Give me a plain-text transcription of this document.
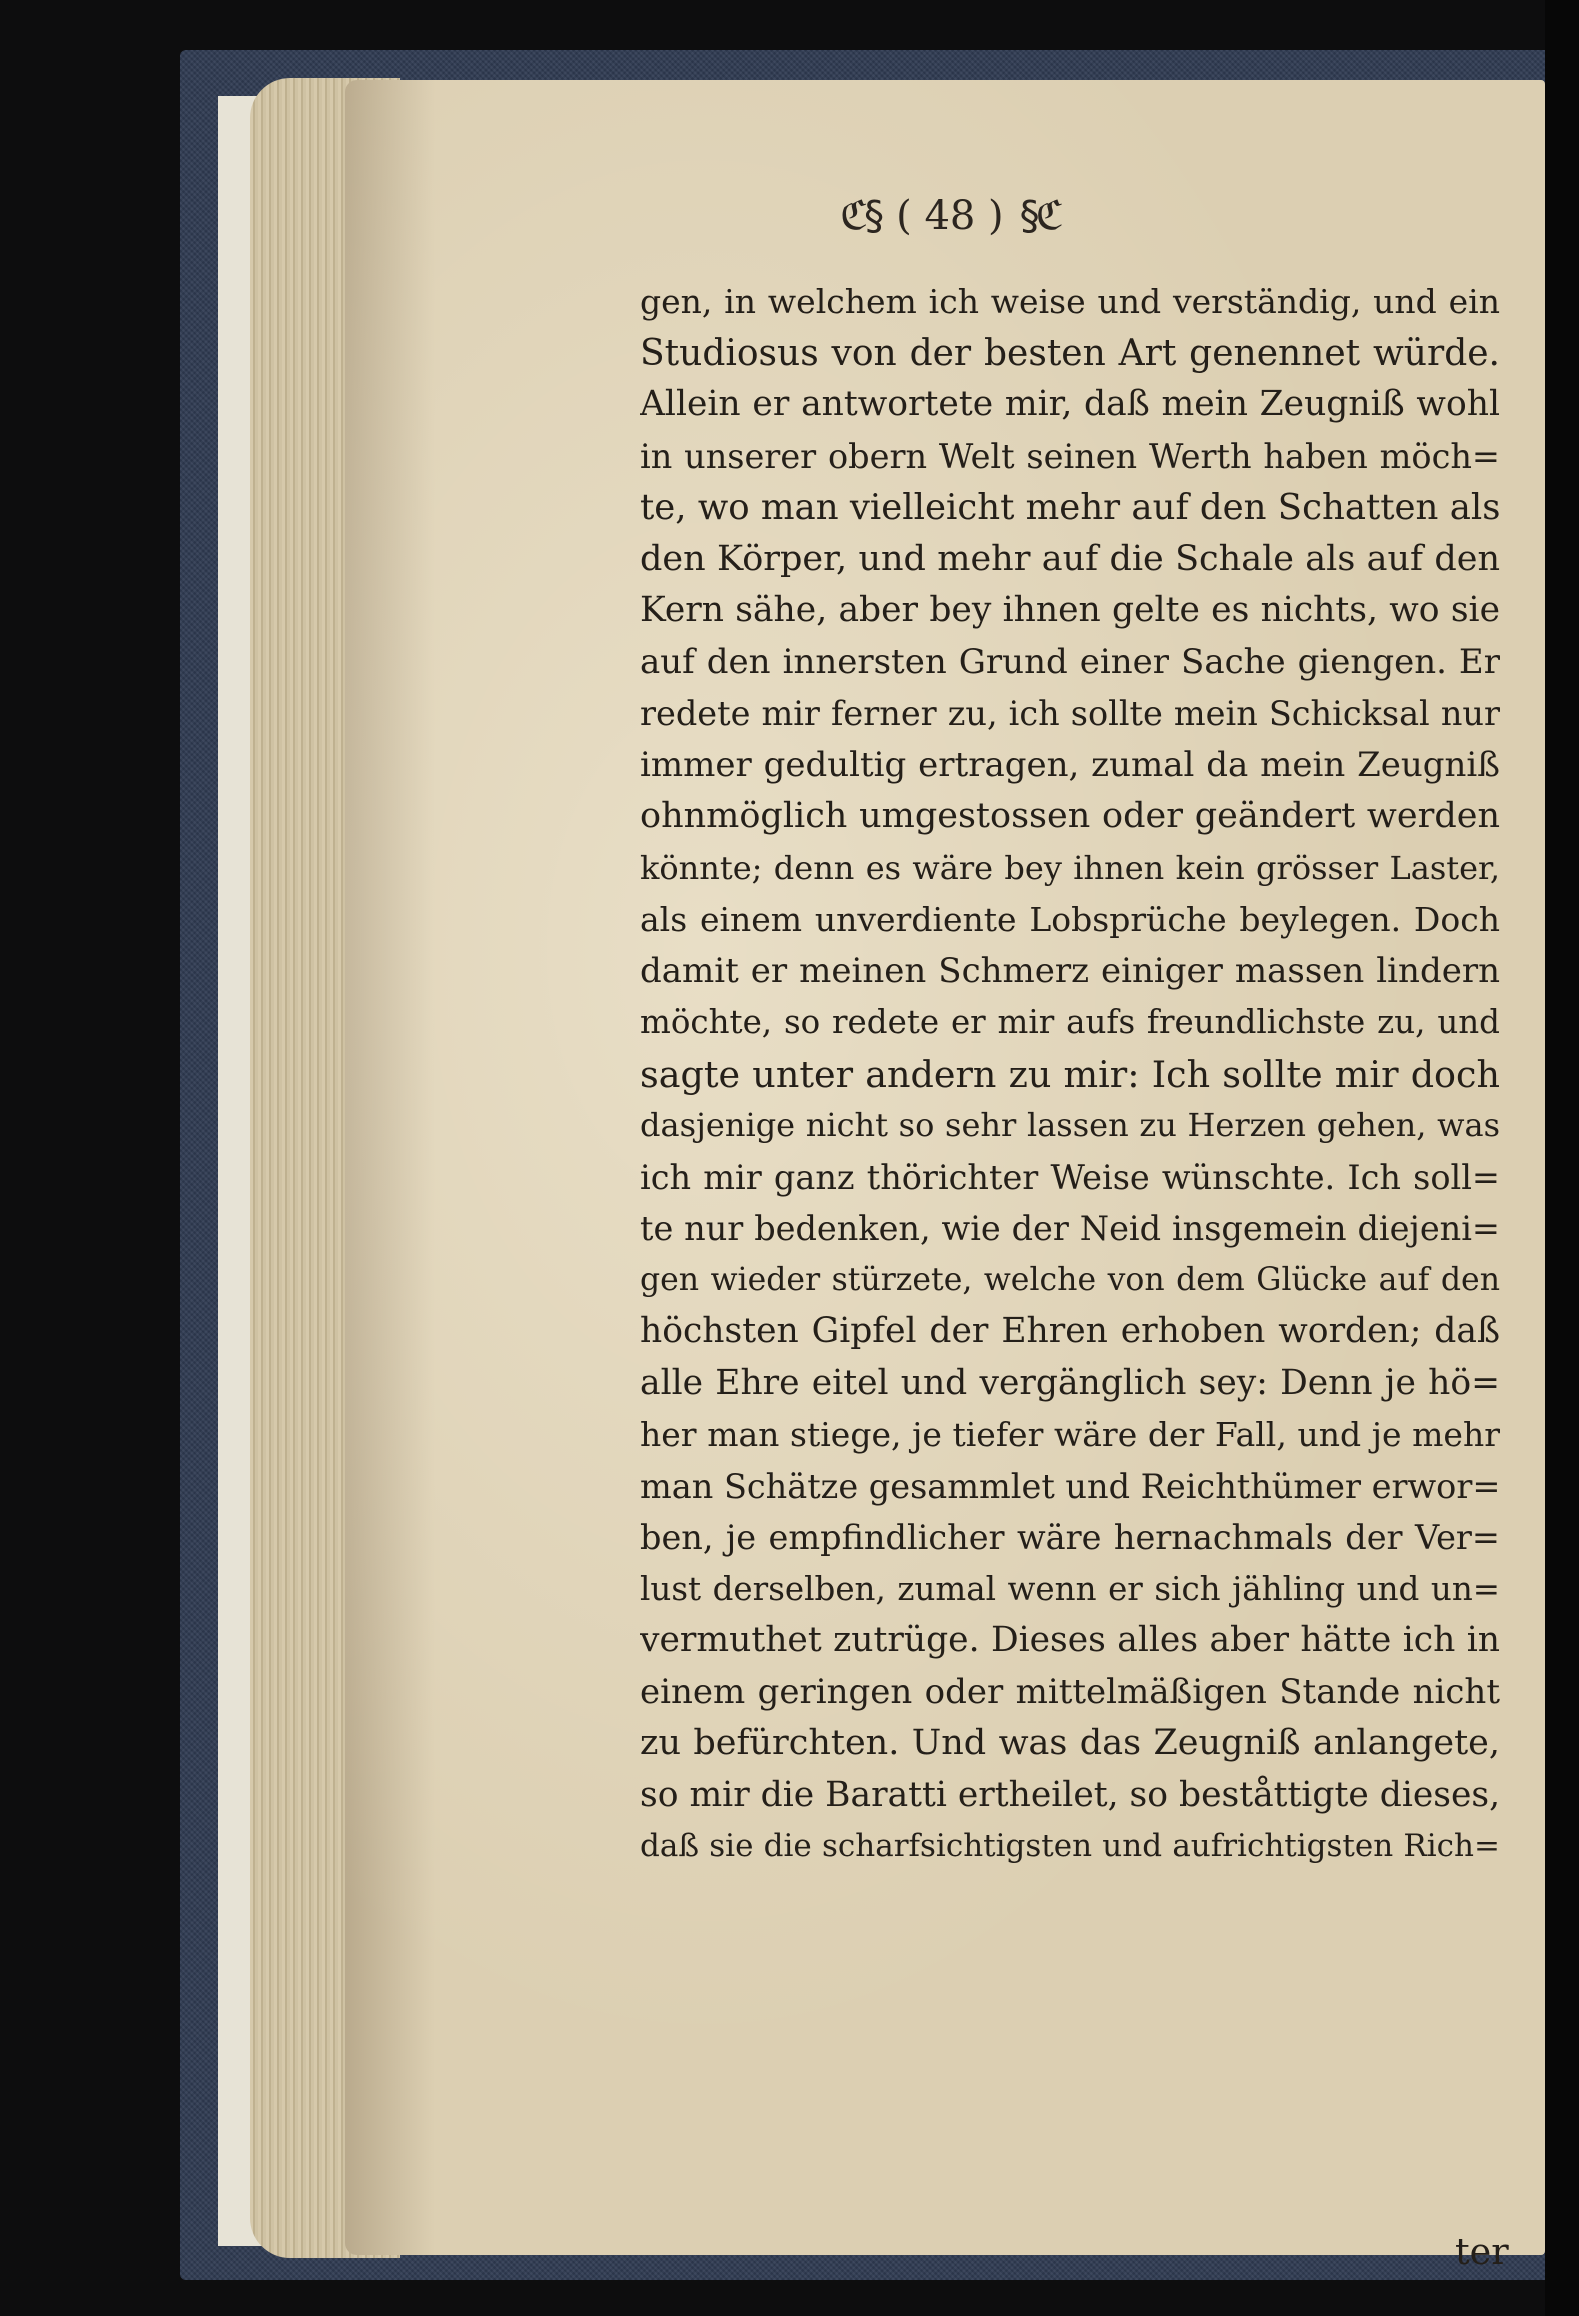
ℭ§ ( 48 ) §ℭ
gen, in welchem ich weise und verständig, und ein
Studiosus von der besten Art genennet würde.
Allein er antwortete mir, daß mein Zeugniß wohl
in unserer obern Welt seinen Werth haben möch=
te, wo man vielleicht mehr auf den Schatten als
den Körper, und mehr auf die Schale als auf den
Kern sähe, aber bey ihnen gelte es nichts, wo sie
auf den innersten Grund einer Sache giengen. Er
redete mir ferner zu, ich sollte mein Schicksal nur
immer gedultig ertragen, zumal da mein Zeugniß
ohnmöglich umgestossen oder geändert werden
könnte; denn es wäre bey ihnen kein grösser Laster,
als einem unverdiente Lobsprüche beylegen. Doch
damit er meinen Schmerz einiger massen lindern
möchte, so redete er mir aufs freundlichste zu, und
sagte unter andern zu mir: Ich sollte mir doch
dasjenige nicht so sehr lassen zu Herzen gehen, was
ich mir ganz thörichter Weise wünschte. Ich soll=
te nur bedenken, wie der Neid insgemein diejeni=
gen wieder stürzete, welche von dem Glücke auf den
höchsten Gipfel der Ehren erhoben worden; daß
alle Ehre eitel und vergänglich sey: Denn je hö=
her man stiege, je tiefer wäre der Fall, und je mehr
man Schätze gesammlet und Reichthümer erwor=
ben, je empfindlicher wäre hernachmals der Ver=
lust derselben, zumal wenn er sich jähling und un=
vermuthet zutrüge. Dieses alles aber hätte ich in
einem geringen oder mittelmäßigen Stande nicht
zu befürchten. Und was das Zeugniß anlangete,
so mir die Baratti ertheilet, so beståttigte dieses,
daß sie die scharfsichtigsten und aufrichtigsten Rich=
ter
